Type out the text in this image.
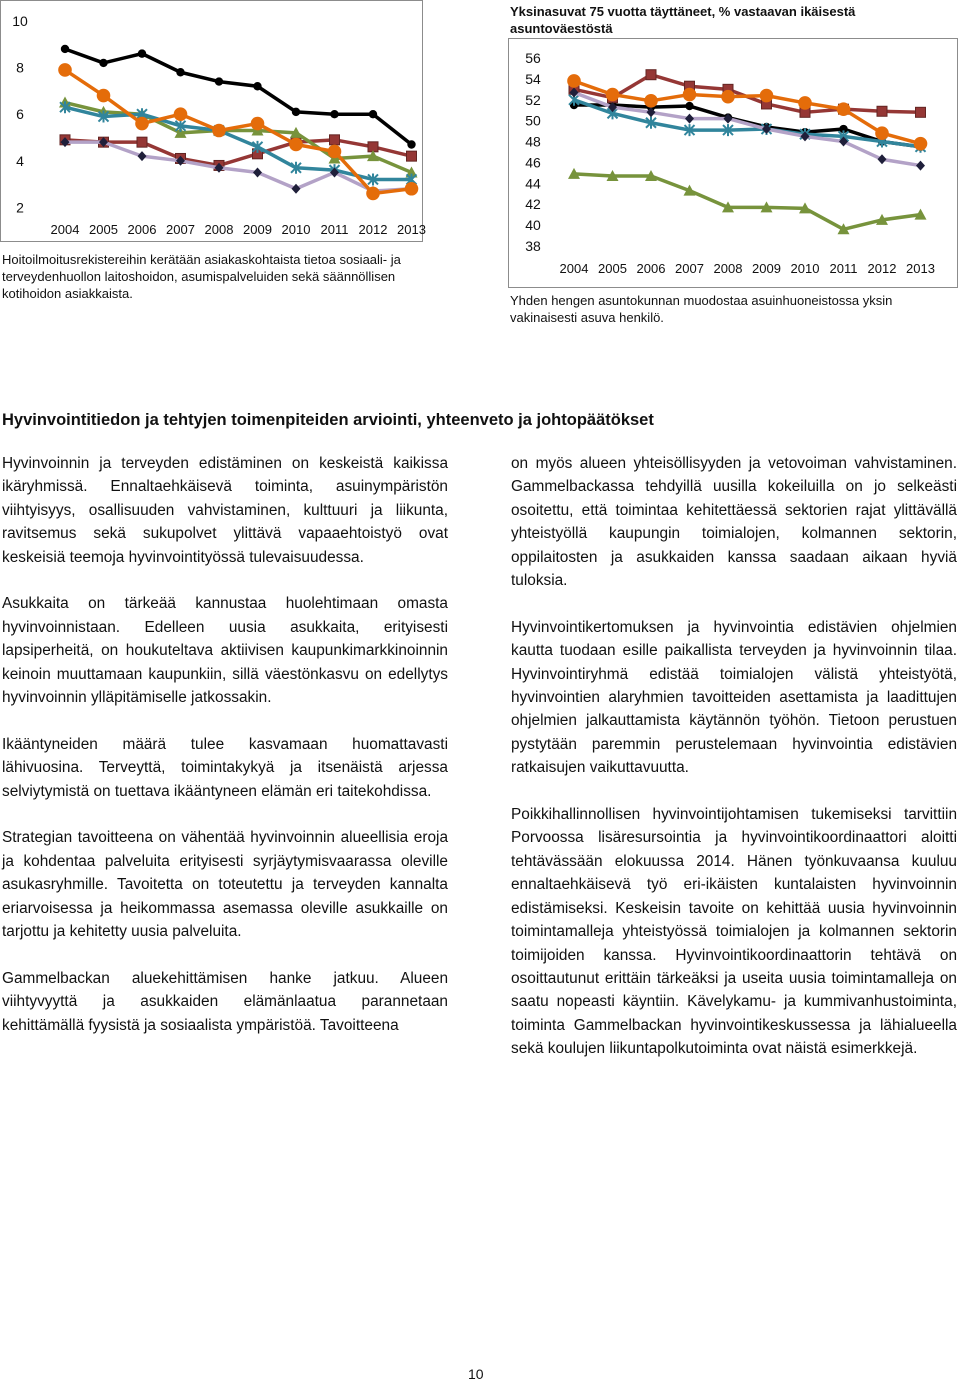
2
4
6
8
10
2004 2005 2006 2007 2008 2009 2010 2011 2012 2013

Hoitoilmoitusrekistereihin kerätään asiakaskohtaista tietoa sosiaali- ja terveydenhuollon laitoshoidon, asumispalveluiden sekä säännöllisen kotihoidon asiakkaista.

Yksinasuvat 75 vuotta täyttäneet, % vastaavan ikäisestä asuntoväestöstä

38
40
42
44
46
48
50
52
54
56
2004 2005 2006 2007 2008 2009 2010 2011 2012 2013

Yhden hengen asuntokunnan muodostaa asuinhuoneistossa yksin vakinaisesti asuva henkilö.

Hyvinvointitiedon ja tehtyjen toimenpiteiden arviointi, yhteenveto ja johtopäätökset

Hyvinvoinnin ja terveyden edistäminen on keskeistä kaikissa ikäryhmissä. Ennaltaehkäisevä toiminta, asuinympäristön viihtyisyys, osallisuuden vahvistaminen, kulttuuri ja liikunta, ravitsemus sekä sukupolvet ylittävä vapaaehtoistyö ovat keskeisiä teemoja hyvinvointityössä tulevaisuudessa.

Asukkaita on tärkeää kannustaa huolehtimaan omasta hyvinvoinnistaan. Edelleen uusia asukkaita, erityisesti lapsiperheitä, on houkuteltava aktiivisen kaupunkimarkkinoinnin keinoin muuttamaan kaupunkiin, sillä väestönkasvu on edellytys hyvinvoinnin ylläpitämiselle jatkossakin.

Ikääntyneiden määrä tulee kasvamaan huomattavasti lähivuosina. Terveyttä, toimintakykyä ja itsenäistä arjessa selviytymistä on tuettava ikääntyneen elämän eri taitekohdissa.

Strategian tavoitteena on vähentää hyvinvoinnin alueellisia eroja ja kohdentaa palveluita erityisesti syrjäytymisvaarassa oleville asukasryhmille. Tavoitetta on toteutettu ja terveyden kannalta eriarvoisessa ja heikommassa asemassa oleville asukkaille on tarjottu ja kehitetty uusia palveluita.

Gammelbackan aluekehittämisen hanke jatkuu. Alueen viihtyvyyttä ja asukkaiden elämänlaatua parannetaan kehittämällä fyysistä ja sosiaalista ympäristöä. Tavoitteena

on myös alueen yhteisöllisyyden ja vetovoiman vahvistaminen. Gammelbackassa tehdyillä uusilla kokeiluilla on jo selkeästi osoitettu, että toimintaa kehitettäessä sektorien rajat ylittävällä yhteistyöllä kaupungin toimialojen, kolmannen sektorin, oppilaitosten ja asukkaiden kanssa saadaan aikaan hyviä tuloksia.

Hyvinvointikertomuksen ja hyvinvointia edistävien ohjelmien kautta tuodaan esille paikallista terveyden ja hyvinvoinnin tilaa. Hyvinvointiryhmä edistää toimialojen välistä yhteistyötä, hyvinvointien alaryhmien tavoitteiden asettamista ja laadittujen ohjelmien jalkauttamista käytännön työhön. Tietoon perustuen pystytään paremmin perustelemaan hyvinvointia edistävien ratkaisujen vaikuttavuutta.

Poikkihallinnollisen hyvinvointijohtamisen tukemiseksi tarvittiin Porvoossa lisäresursointia ja hyvinvointikoordinaattori aloitti tehtävässään elokuussa 2014. Hänen työnkuvaansa kuuluu ennaltaehkäisevä työ eri-ikäisten kuntalaisten hyvinvoinnin edistämiseksi. Keskeisin tavoite on kehittää uusia hyvinvoinnin toimintamalleja yhteistyössä toimialojen ja kolmannen sektorin toimijoiden kanssa. Hyvinvointikoordinaattorin tehtävä on osoittautunut erittäin tärkeäksi ja useita uusia toimintamalleja on saatu nopeasti käyntiin. Kävelykamu- ja kummivanhustoiminta, toiminta Gammelbackan hyvinvointikeskussessa ja lähialueella sekä koulujen liikuntapolkutoiminta ovat näistä esimerkkejä.

10
